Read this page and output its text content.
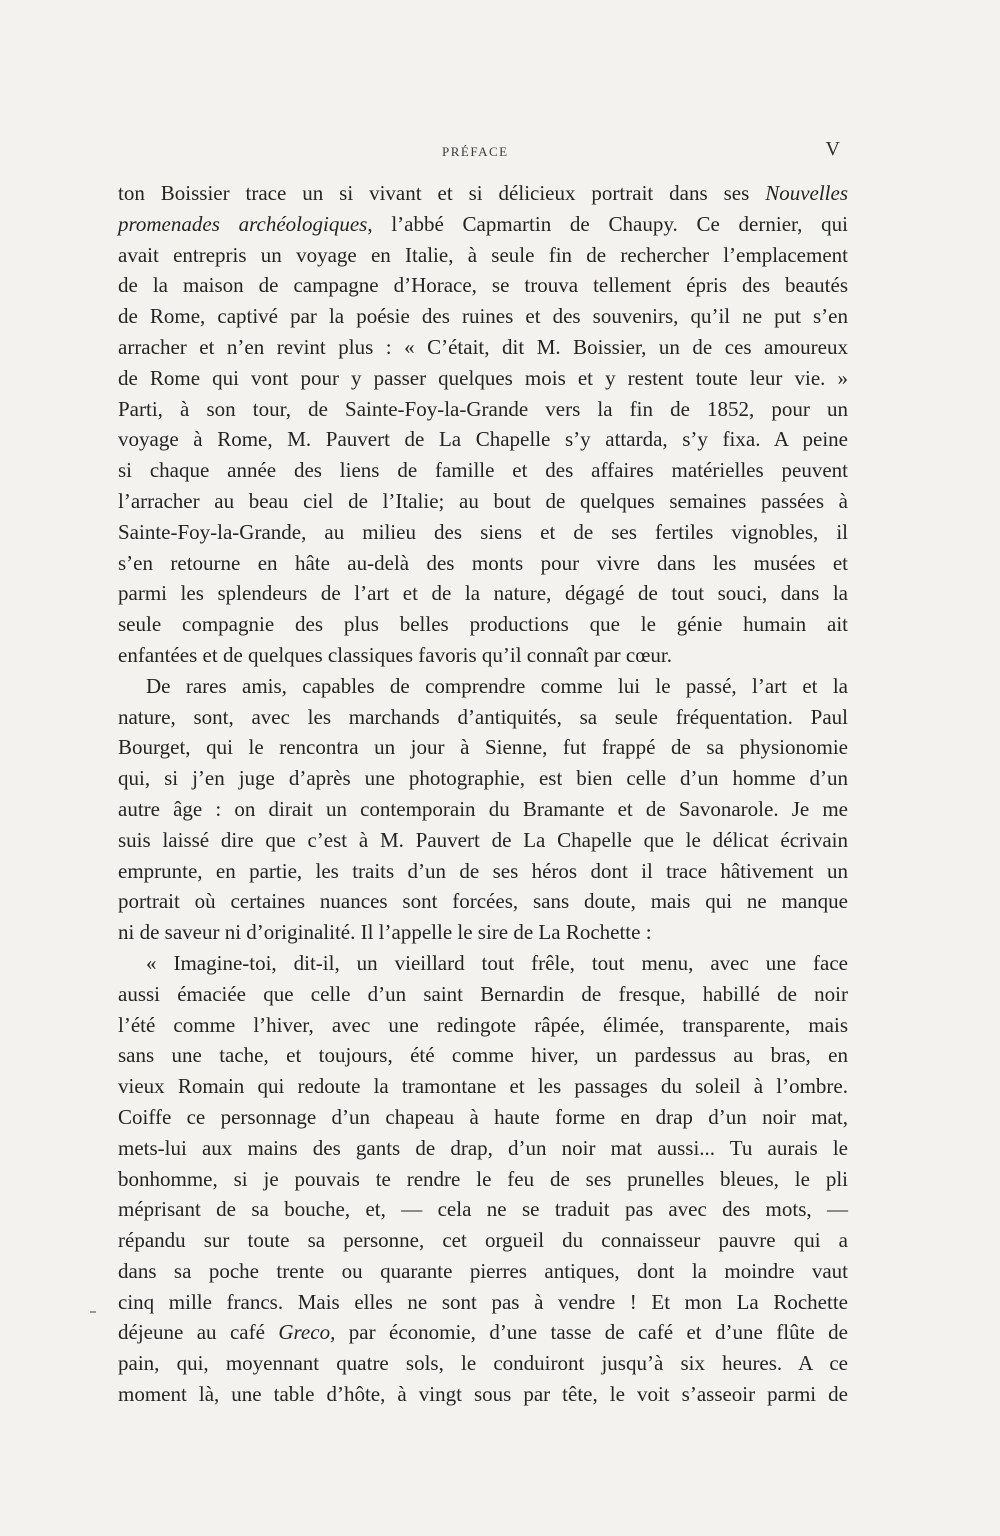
PRÉFACE	V
ton Boissier trace un si vivant et si délicieux portrait dans ses Nouvelles
promenades archéologiques, l’abbé Capmartin de Chaupy. Ce dernier, qui
avait entrepris un voyage en Italie, à seule fin de rechercher l’emplacement
de la maison de campagne d’Horace, se trouva tellement épris des beautés
de Rome, captivé par la poésie des ruines et des souvenirs, qu’il ne put s’en
arracher et n’en revint plus : « C’était, dit M. Boissier, un de ces amoureux
de Rome qui vont pour y passer quelques mois et y restent toute leur vie. »
Parti, à son tour, de Sainte-Foy-la-Grande vers la fin de 1852, pour un
voyage à Rome, M. Pauvert de La Chapelle s’y attarda, s’y fixa. A peine
si chaque année des liens de famille et des affaires matérielles peuvent
l’arracher au beau ciel de l’Italie; au bout de quelques semaines passées à
Sainte-Foy-la-Grande, au milieu des siens et de ses fertiles vignobles, il
s’en retourne en hâte au-delà des monts pour vivre dans les musées et
parmi les splendeurs de l’art et de la nature, dégagé de tout souci, dans la
seule compagnie des plus belles productions que le génie humain ait
enfantées et de quelques classiques favoris qu’il connaît par cœur.
De rares amis, capables de comprendre comme lui le passé, l’art et la
nature, sont, avec les marchands d’antiquités, sa seule fréquentation. Paul
Bourget, qui le rencontra un jour à Sienne, fut frappé de sa physionomie
qui, si j’en juge d’après une photographie, est bien celle d’un homme d’un
autre âge : on dirait un contemporain du Bramante et de Savonarole. Je me
suis laissé dire que c’est à M. Pauvert de La Chapelle que le délicat écrivain
emprunte, en partie, les traits d’un de ses héros dont il trace hâtivement un
portrait où certaines nuances sont forcées, sans doute, mais qui ne manque
ni de saveur ni d’originalité. Il l’appelle le sire de La Rochette :
« Imagine-toi, dit-il, un vieillard tout frêle, tout menu, avec une face
aussi émaciée que celle d’un saint Bernardin de fresque, habillé de noir
l’été comme l’hiver, avec une redingote râpée, élimée, transparente, mais
sans une tache, et toujours, été comme hiver, un pardessus au bras, en
vieux Romain qui redoute la tramontane et les passages du soleil à l’ombre.
Coiffe ce personnage d’un chapeau à haute forme en drap d’un noir mat,
mets-lui aux mains des gants de drap, d’un noir mat aussi... Tu aurais le
bonhomme, si je pouvais te rendre le feu de ses prunelles bleues, le pli
méprisant de sa bouche, et, — cela ne se traduit pas avec des mots, —
répandu sur toute sa personne, cet orgueil du connaisseur pauvre qui a
dans sa poche trente ou quarante pierres antiques, dont la moindre vaut
cinq mille francs. Mais elles ne sont pas à vendre ! Et mon La Rochette
déjeune au café Greco, par économie, d’une tasse de café et d’une flûte de
pain, qui, moyennant quatre sols, le conduiront jusqu’à six heures. A ce
moment là, une table d’hôte, à vingt sous par tête, le voit s’asseoir parmi de
